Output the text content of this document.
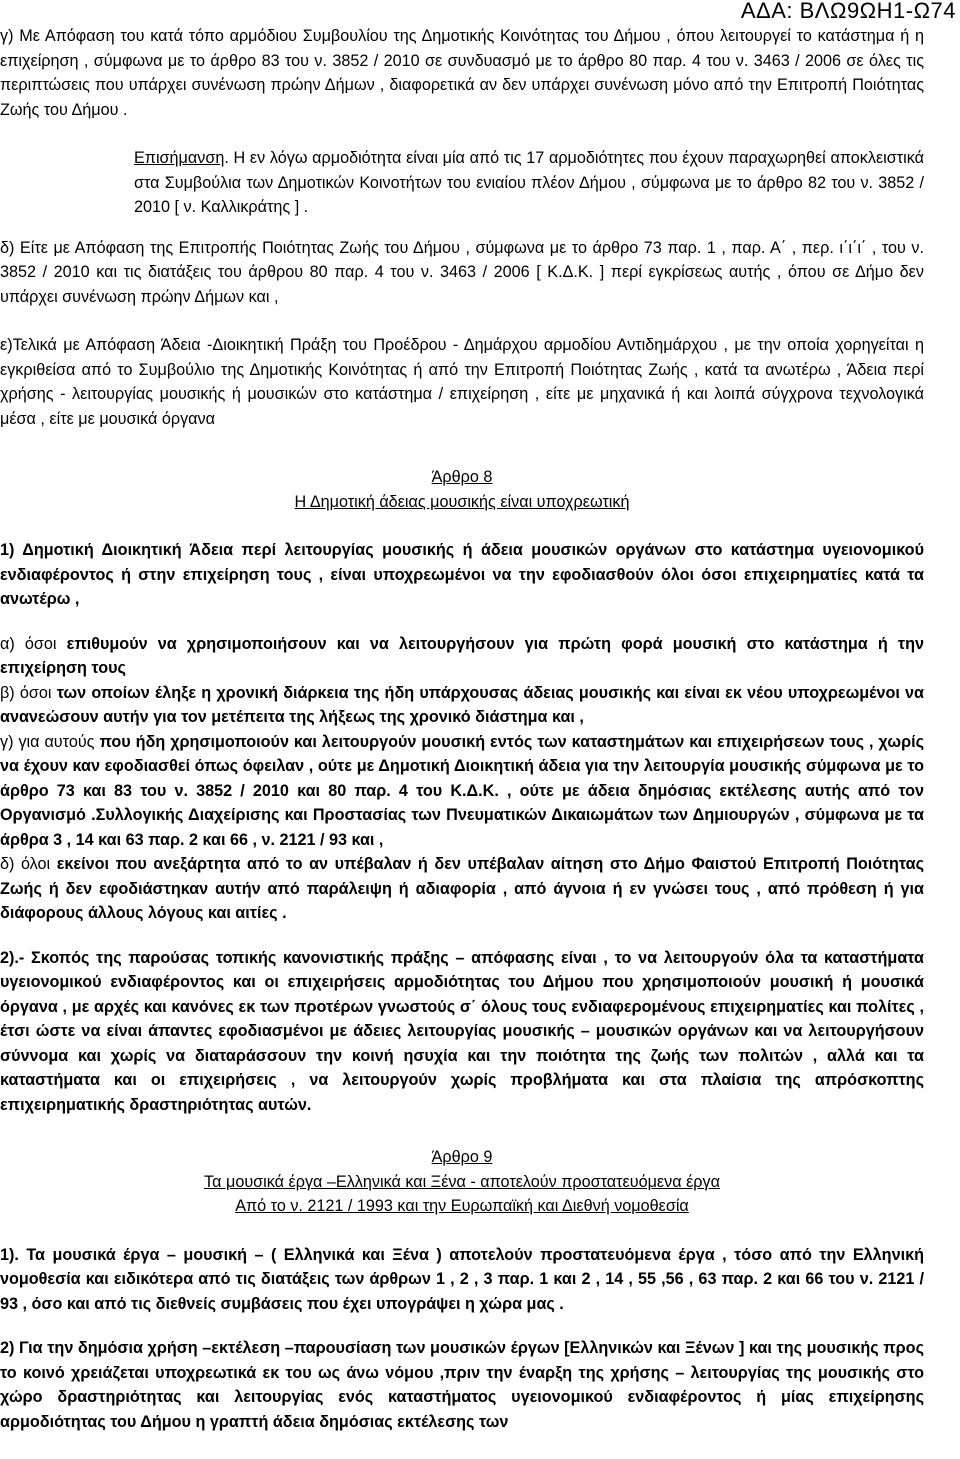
ΑΔΑ: ΒΛΩ9ΩΗ1-Ω74

γ) Με Απόφαση του κατά τόπο αρμόδιου Συμβουλίου της Δημοτικής Κοινότητας του Δήμου , όπου λειτουργεί το κατάστημα ή η επιχείρηση , σύμφωνα με το άρθρο 83 του ν. 3852 / 2010 σε συνδυασμό με το άρθρο 80 παρ. 4 του ν. 3463 / 2006 σε όλες τις περιπτώσεις που υπάρχει συνένωση πρώην Δήμων , διαφορετικά αν δεν υπάρχει συνένωση μόνο από την Επιτροπή Ποιότητας Ζωής του Δήμου .

Επισήμανση. Η εν λόγω αρμοδιότητα είναι μία από τις 17 αρμοδιότητες που έχουν παραχωρηθεί αποκλειστικά στα Συμβούλια των Δημοτικών Κοινοτήτων του ενιαίου πλέον Δήμου , σύμφωνα με το άρθρο 82 του ν. 3852 / 2010 [ ν. Καλλικράτης ] .

δ) Είτε με Απόφαση της Επιτροπής Ποιότητας Ζωής του Δήμου , σύμφωνα με το άρθρο 73 παρ. 1 , παρ. Α΄ , περ. ι΄ι΄ι΄ , του ν. 3852 / 2010 και τις διατάξεις του άρθρου 80 παρ. 4 του ν. 3463 / 2006 [ Κ.Δ.Κ. ] περί εγκρίσεως αυτής , όπου σε Δήμο δεν υπάρχει συνένωση πρώην Δήμων και ,

ε)Τελικά με Απόφαση Άδεια -Διοικητική Πράξη του Προέδρου - Δημάρχου αρμοδίου Αντιδημάρχου , με την οποία χορηγείται η εγκριθείσα από το Συμβούλιο της Δημοτικής Κοινότητας ή από την Επιτροπή Ποιότητας Ζωής , κατά τα ανωτέρω , Άδεια περί χρήσης - λειτουργίας μουσικής ή μουσικών στο κατάστημα / επιχείρηση , είτε με μηχανικά ή και λοιπά σύγχρονα τεχνολογικά μέσα , είτε με μουσικά όργανα

Άρθρο 8

Η Δημοτική άδειας μουσικής είναι υποχρεωτική

1) Δημοτική Διοικητική Άδεια περί λειτουργίας μουσικής ή άδεια μουσικών οργάνων στο κατάστημα υγειονομικού ενδιαφέροντος ή στην επιχείρηση τους , είναι υποχρεωμένοι να την εφοδιασθούν όλοι όσοι επιχειρηματίες κατά τα ανωτέρω ,

α) όσοι επιθυμούν να χρησιμοποιήσουν και να λειτουργήσουν για πρώτη φορά μουσική στο κατάστημα ή την επιχείρηση τους

β) όσοι των οποίων έληξε η χρονική διάρκεια της ήδη υπάρχουσας άδειας μουσικής και είναι εκ νέου υποχρεωμένοι να ανανεώσουν αυτήν για τον μετέπειτα της λήξεως της χρονικό διάστημα και ,

γ) για αυτούς που ήδη χρησιμοποιούν και λειτουργούν μουσική εντός των καταστημάτων και επιχειρήσεων τους , χωρίς να έχουν καν εφοδιασθεί όπως όφειλαν , ούτε με Δημοτική Διοικητική άδεια για την λειτουργία μουσικής σύμφωνα με το άρθρο 73 και 83 του ν. 3852 / 2010 και 80 παρ. 4 του Κ.Δ.Κ. , ούτε με άδεια δημόσιας εκτέλεσης αυτής από τον Οργανισμό .Συλλογικής Διαχείρισης και Προστασίας των Πνευματικών Δικαιωμάτων των Δημιουργών , σύμφωνα με τα άρθρα 3 , 14 και 63 παρ. 2 και 66 , ν. 2121 / 93 και ,

δ) όλοι εκείνοι που ανεξάρτητα από το αν υπέβαλαν ή δεν υπέβαλαν αίτηση στο Δήμο Φαιστού Επιτροπή Ποιότητας Ζωής ή δεν εφοδιάστηκαν αυτήν από παράλειψη ή αδιαφορία , από άγνοια ή εν γνώσει τους , από πρόθεση ή για διάφορους άλλους λόγους και αιτίες .

2).- Σκοπός της παρούσας τοπικής κανονιστικής πράξης – απόφασης είναι , το να λειτουργούν όλα τα καταστήματα υγειονομικού ενδιαφέροντος και οι επιχειρήσεις αρμοδιότητας του Δήμου που χρησιμοποιούν μουσική ή μουσικά όργανα , με αρχές και κανόνες εκ των προτέρων γνωστούς σ΄ όλους τους ενδιαφερομένους επιχειρηματίες και πολίτες , έτσι ώστε να είναι άπαντες εφοδιασμένοι με άδειες λειτουργίας μουσικής – μουσικών οργάνων και να λειτουργήσουν σύννομα και χωρίς να διαταράσσουν την κοινή ησυχία και την ποιότητα της ζωής των πολιτών , αλλά και τα καταστήματα και οι επιχειρήσεις , να λειτουργούν χωρίς προβλήματα και στα πλαίσια της απρόσκοπτης επιχειρηματικής δραστηριότητας αυτών.

Άρθρο 9

Τα μουσικά έργα –Ελληνικά και Ξένα - αποτελούν προστατευόμενα έργα

Από το ν. 2121 / 1993 και την Ευρωπαϊκή και Διεθνή νομοθεσία

1). Τα μουσικά έργα – μουσική – ( Ελληνικά και Ξένα ) αποτελούν προστατευόμενα έργα , τόσο από την Ελληνική νομοθεσία και ειδικότερα από τις διατάξεις των άρθρων 1 , 2 , 3 παρ. 1 και 2 , 14 , 55 ,56 , 63 παρ. 2 και 66 του ν. 2121 / 93 , όσο και από τις διεθνείς συμβάσεις που έχει υπογράψει η χώρα μας .

2) Για την δημόσια χρήση –εκτέλεση –παρουσίαση των μουσικών έργων [Ελληνικών και Ξένων ] και της μουσικής προς το κοινό χρειάζεται υποχρεωτικά εκ του ως άνω νόμου ,πριν την έναρξη της χρήσης – λειτουργίας της μουσικής στο χώρο δραστηριότητας και λειτουργίας ενός καταστήματος υγειονομικού ενδιαφέροντος ή μίας επιχείρησης αρμοδιότητας του Δήμου η γραπτή άδεια δημόσιας εκτέλεσης των
